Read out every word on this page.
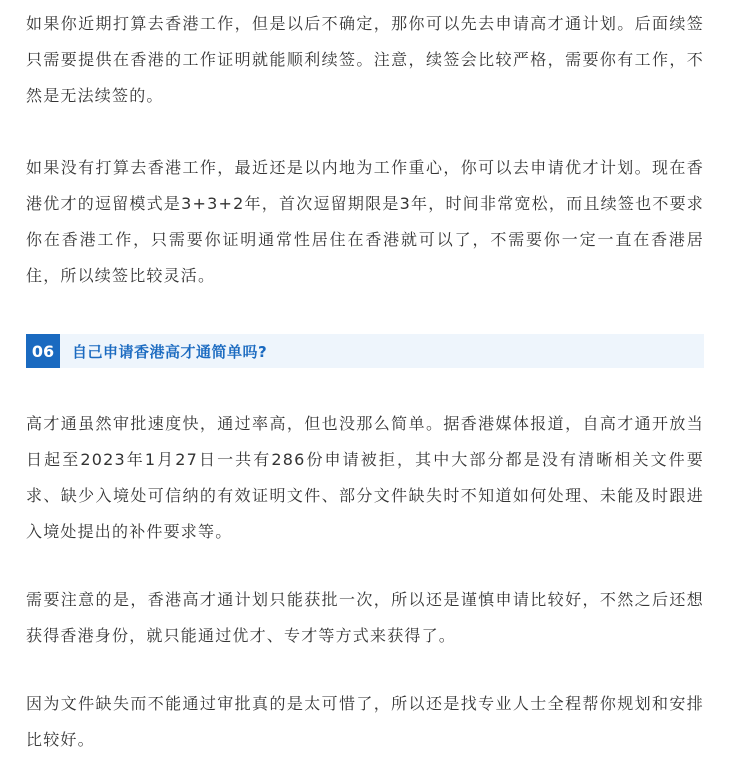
如果你近期打算去香港工作，但是以后不确定，那你可以先去申请高才通计划。后面续签只需要提供在香港的工作证明就能顺利续签。注意，续签会比较严格，需要你有工作，不然是无法续签的。

如果没有打算去香港工作，最近还是以内地为工作重心，你可以去申请优才计划。现在香港优才的逗留模式是3+3+2年，首次逗留期限是3年，时间非常宽松，而且续签也不要求你在香港工作，只需要你证明通常性居住在香港就可以了，不需要你一定一直在香港居住，所以续签比较灵活。

06	自己申请香港高才通简单吗?

高才通虽然审批速度快，通过率高，但也没那么简单。据香港媒体报道，自高才通开放当日起至2023年1月27日一共有286份申请被拒，其中大部分都是没有清晰相关文件要求、缺少入境处可信纳的有效证明文件、部分文件缺失时不知道如何处理、未能及时跟进入境处提出的补件要求等。

需要注意的是，香港高才通计划只能获批一次，所以还是谨慎申请比较好，不然之后还想获得香港身份，就只能通过优才、专才等方式来获得了。

因为文件缺失而不能通过审批真的是太可惜了，所以还是找专业人士全程帮你规划和安排比较好。
